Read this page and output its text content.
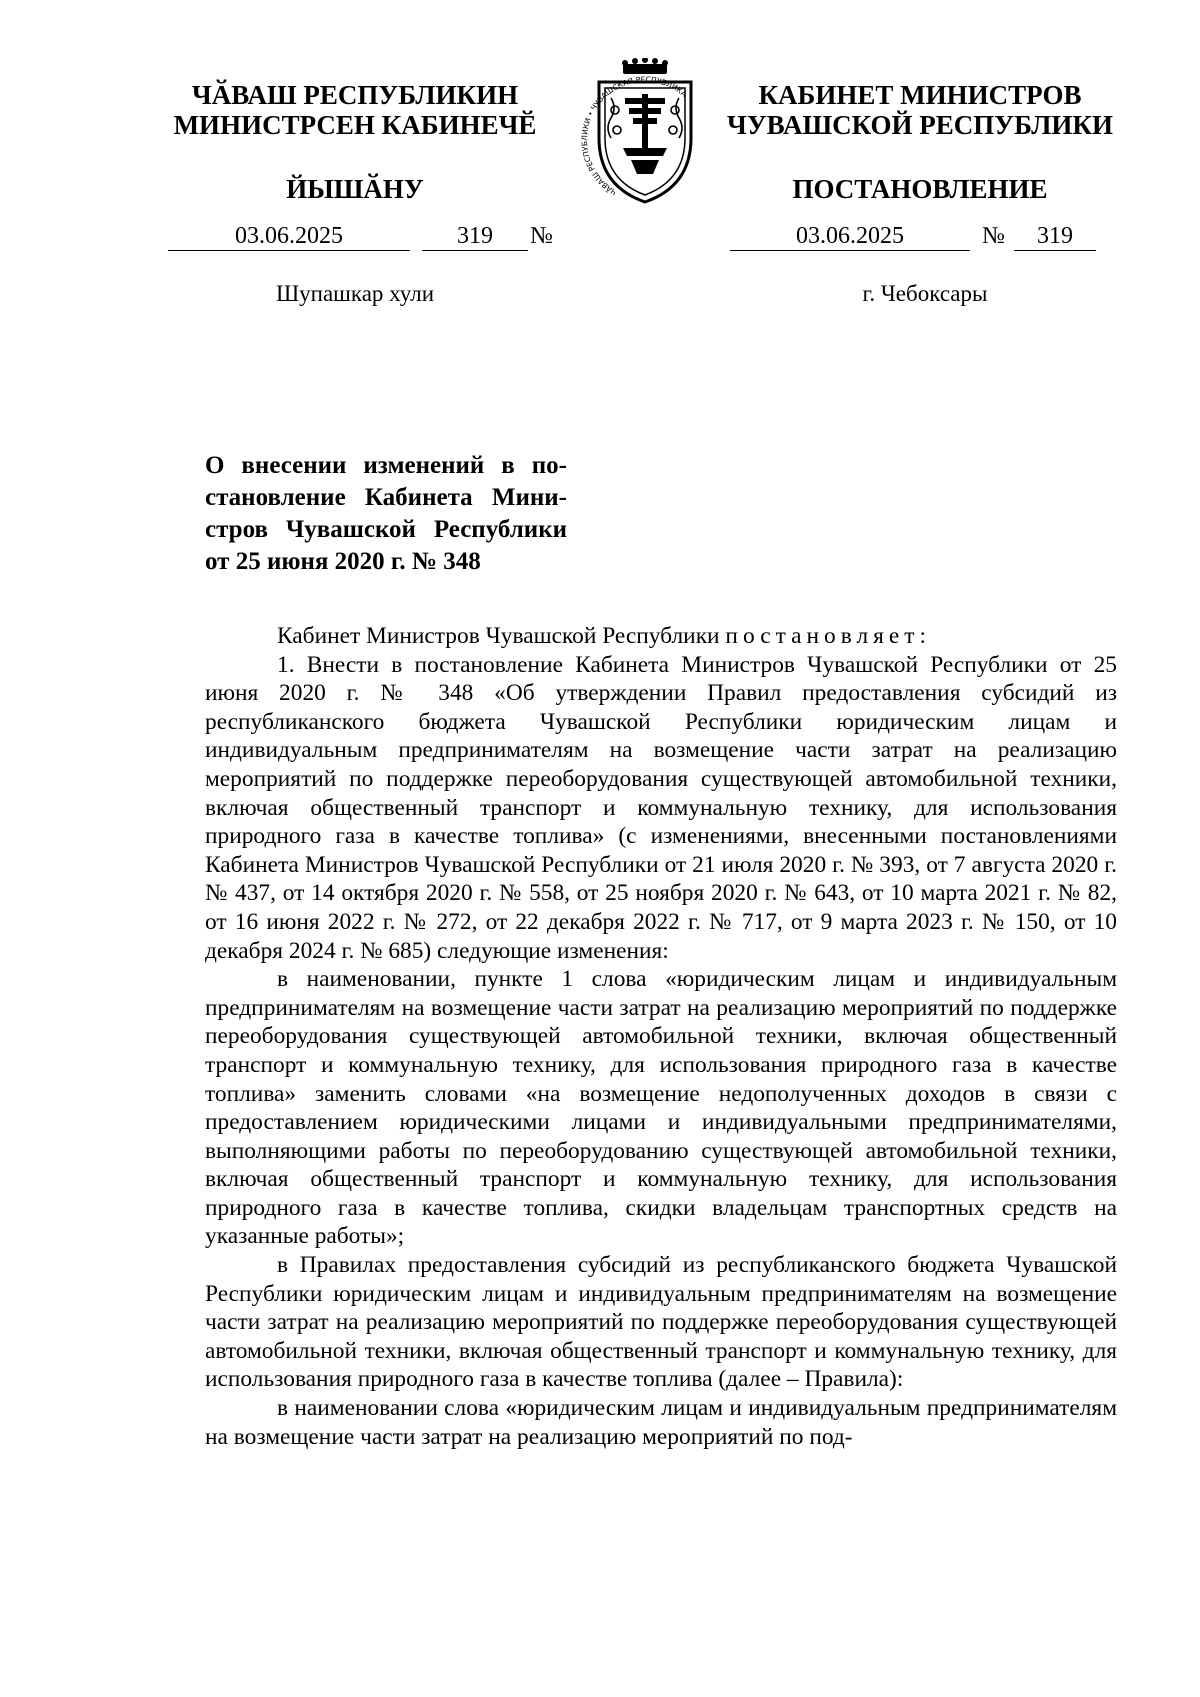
ЧӐВАШ РЕСПУБЛИКИН
МИНИСТРСЕН КАБИНЕЧӖ
ЙЫШӐНУ	ЧӐВАШ РЕСПУБЛИКИ • ЧУВАШСКАЯ РЕСПУБЛИКА	КАБИНЕТ МИНИСТРОВ
ЧУВАШСКОЙ РЕСПУБЛИКИ
ПОСТАНОВЛЕНИЕ
03.06.2025	319	№	03.06.2025	№	319
Шупашкар хули	г. Чебоксары
О внесении изменений в по-
становление Кабинета Мини-
стров Чувашской Республики
от 25 июня 2020 г. № 348

Кабинет Министров Чувашской Республики постановляет:

1. Внести в постановление Кабинета Министров Чувашской Республики от 25 июня 2020 г. № 348 «Об утверждении Правил предоставления субсидий из республиканского бюджета Чувашской Республики юридическим лицам и индивидуальным предпринимателям на возмещение части затрат на реализацию мероприятий по поддержке переоборудования существующей автомобильной техники, включая общественный транспорт и коммунальную технику, для использования природного газа в качестве топлива» (с изменениями, внесенными постановлениями Кабинета Министров Чувашской Республики от 21 июля 2020 г. № 393, от 7 августа 2020 г. № 437, от 14 октября 2020 г. № 558, от 25 ноября 2020 г. № 643, от 10 марта 2021 г. № 82, от 16 июня 2022 г. № 272, от 22 декабря 2022 г. № 717, от 9 марта 2023 г. № 150, от 10 декабря 2024 г. № 685) следующие изменения:

в наименовании, пункте 1 слова «юридическим лицам и индивидуальным предпринимателям на возмещение части затрат на реализацию мероприятий по поддержке переоборудования существующей автомобильной техники, включая общественный транспорт и коммунальную технику, для использования природного газа в качестве топлива» заменить словами «на возмещение недополученных доходов в связи с предоставлением юридическими лицами и индивидуальными предпринимателями, выполняющими работы по переоборудованию существующей автомобильной техники, включая общественный транспорт и коммунальную технику, для использования природного газа в качестве топлива, скидки владельцам транспортных средств на указанные работы»;

в Правилах предоставления субсидий из республиканского бюджета Чувашской Республики юридическим лицам и индивидуальным предпринимателям на возмещение части затрат на реализацию мероприятий по поддержке переоборудования существующей автомобильной техники, включая общественный транспорт и коммунальную технику, для использования природного газа в качестве топлива (далее – Правила):

в наименовании слова «юридическим лицам и индивидуальным предпринимателям на возмещение части затрат на реализацию мероприятий по под-
